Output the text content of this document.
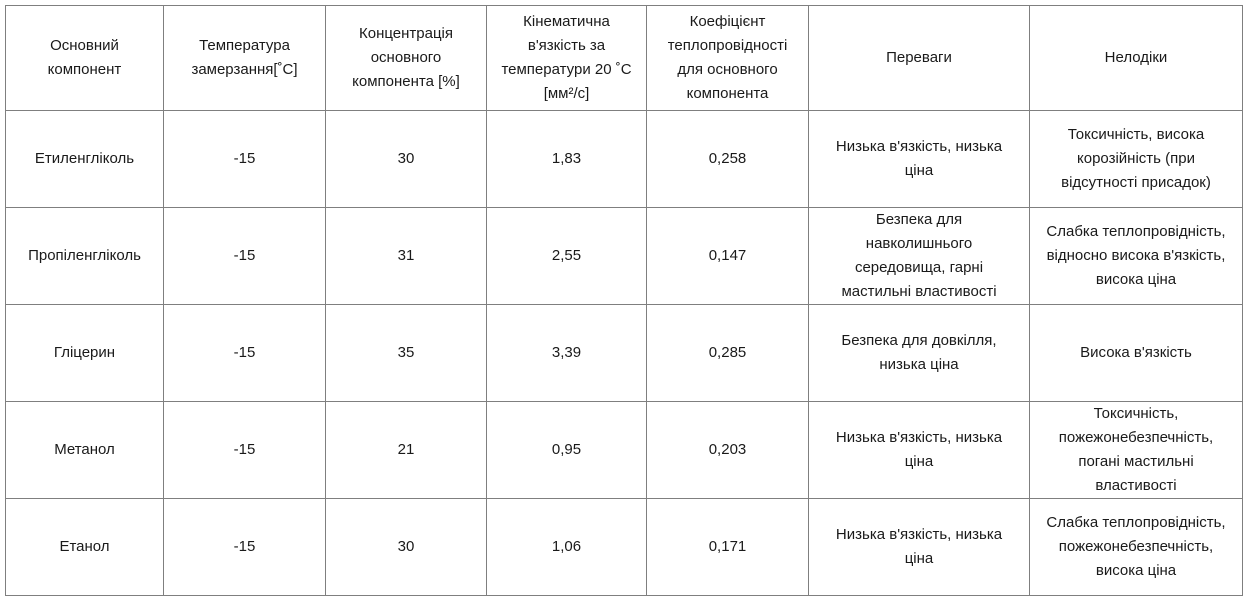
Основний
компонент	Температура
замерзання[˚C]	Концентрація
основного
компонента [%]	Кінематична
в'язкість за
температури 20 ˚C
[мм²/с]	Коефіцієнт
теплопровідності
для основного
компонента	Переваги	Нелодіки

Етиленгліколь	-15	30	1,83	0,258	Низька в'язкість, низька
ціна	Токсичність, висока
корозійність (при
відсутності присадок)

Пропіленгліколь	-15	31	2,55	0,147	Безпека для
навколишнього
середовища, гарні
мастильні властивості	Слабка теплопровідність,
відносно висока в'язкість,
висока ціна

Гліцерин	-15	35	3,39	0,285	Безпека для довкілля,
низька ціна	Висока в'язкість

Метанол	-15	21	0,95	0,203	Низька в'язкість, низька
ціна	Токсичність,
пожежонебезпечність,
погані мастильні
властивості

Етанол	-15	30	1,06	0,171	Низька в'язкість, низька
ціна	Слабка теплопровідність,
пожежонебезпечність,
висока ціна
